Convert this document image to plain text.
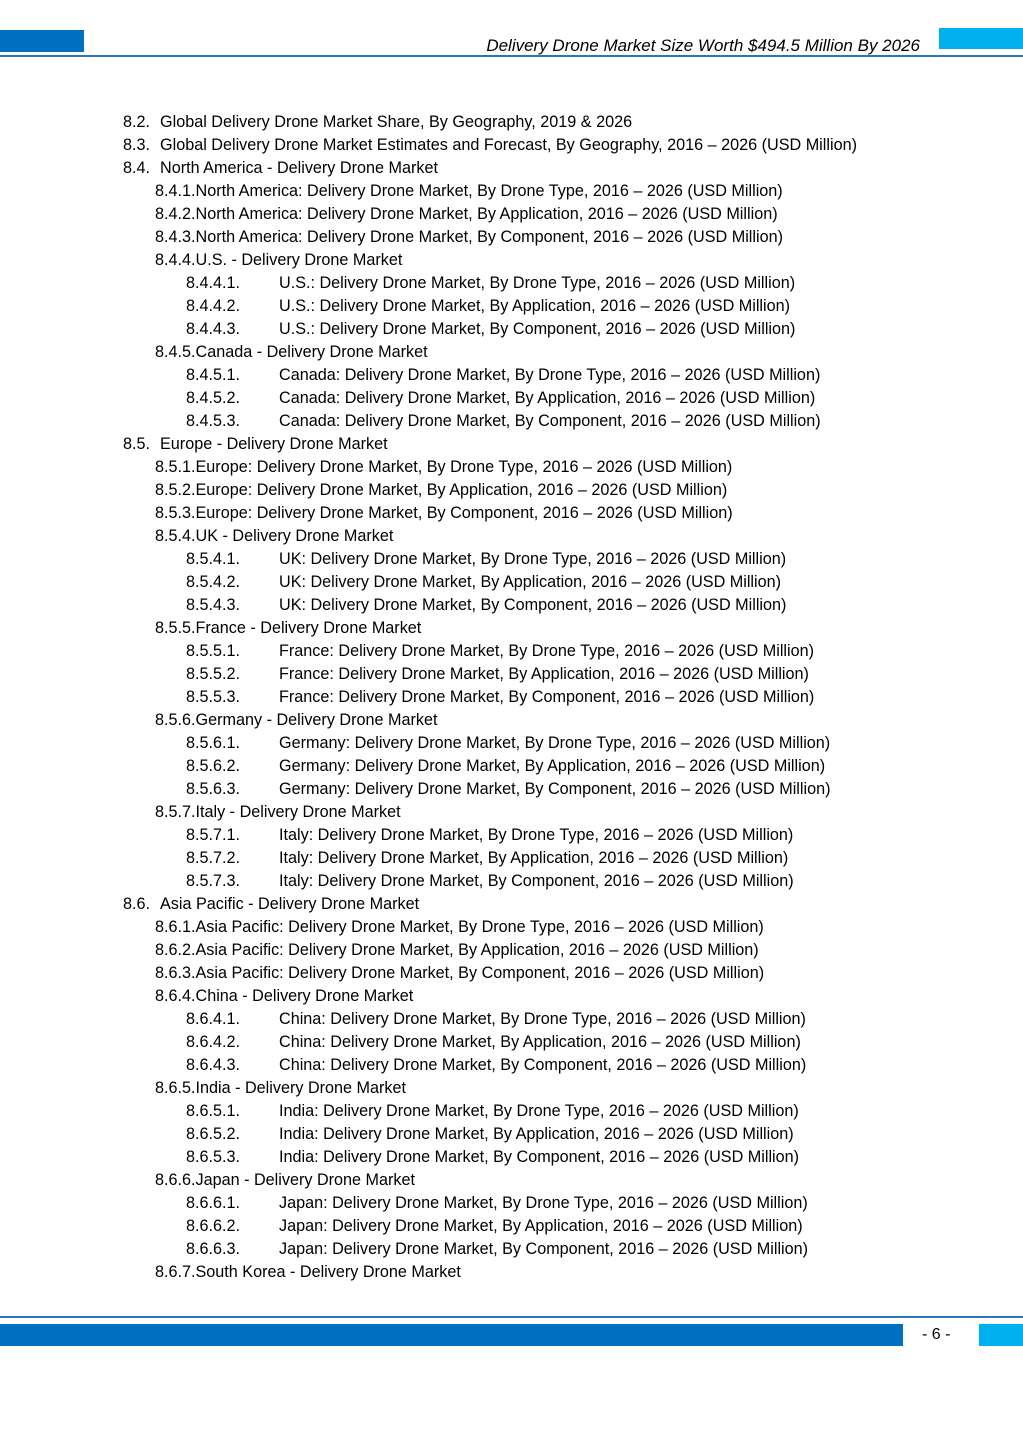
Delivery Drone Market Size Worth $494.5 Million By 2026
8.2. Global Delivery Drone Market Share, By Geography, 2019 & 2026
8.3. Global Delivery Drone Market Estimates and Forecast, By Geography, 2016 – 2026 (USD Million)
8.4. North America - Delivery Drone Market
8.4.1.North America: Delivery Drone Market, By Drone Type, 2016 – 2026 (USD Million)
8.4.2.North America: Delivery Drone Market, By Application, 2016 – 2026 (USD Million)
8.4.3.North America: Delivery Drone Market, By Component, 2016 – 2026 (USD Million)
8.4.4.U.S. - Delivery Drone Market
8.4.4.1. U.S.: Delivery Drone Market, By Drone Type, 2016 – 2026 (USD Million)
8.4.4.2. U.S.: Delivery Drone Market, By Application, 2016 – 2026 (USD Million)
8.4.4.3. U.S.: Delivery Drone Market, By Component, 2016 – 2026 (USD Million)
8.4.5.Canada - Delivery Drone Market
8.4.5.1. Canada: Delivery Drone Market, By Drone Type, 2016 – 2026 (USD Million)
8.4.5.2. Canada: Delivery Drone Market, By Application, 2016 – 2026 (USD Million)
8.4.5.3. Canada: Delivery Drone Market, By Component, 2016 – 2026 (USD Million)
8.5. Europe - Delivery Drone Market
8.5.1.Europe: Delivery Drone Market, By Drone Type, 2016 – 2026 (USD Million)
8.5.2.Europe: Delivery Drone Market, By Application, 2016 – 2026 (USD Million)
8.5.3.Europe: Delivery Drone Market, By Component, 2016 – 2026 (USD Million)
8.5.4.UK - Delivery Drone Market
8.5.4.1. UK: Delivery Drone Market, By Drone Type, 2016 – 2026 (USD Million)
8.5.4.2. UK: Delivery Drone Market, By Application, 2016 – 2026 (USD Million)
8.5.4.3. UK: Delivery Drone Market, By Component, 2016 – 2026 (USD Million)
8.5.5.France - Delivery Drone Market
8.5.5.1. France: Delivery Drone Market, By Drone Type, 2016 – 2026 (USD Million)
8.5.5.2. France: Delivery Drone Market, By Application, 2016 – 2026 (USD Million)
8.5.5.3. France: Delivery Drone Market, By Component, 2016 – 2026 (USD Million)
8.5.6.Germany - Delivery Drone Market
8.5.6.1. Germany: Delivery Drone Market, By Drone Type, 2016 – 2026 (USD Million)
8.5.6.2. Germany: Delivery Drone Market, By Application, 2016 – 2026 (USD Million)
8.5.6.3. Germany: Delivery Drone Market, By Component, 2016 – 2026 (USD Million)
8.5.7.Italy - Delivery Drone Market
8.5.7.1. Italy: Delivery Drone Market, By Drone Type, 2016 – 2026 (USD Million)
8.5.7.2. Italy: Delivery Drone Market, By Application, 2016 – 2026 (USD Million)
8.5.7.3. Italy: Delivery Drone Market, By Component, 2016 – 2026 (USD Million)
8.6. Asia Pacific - Delivery Drone Market
8.6.1.Asia Pacific: Delivery Drone Market, By Drone Type, 2016 – 2026 (USD Million)
8.6.2.Asia Pacific: Delivery Drone Market, By Application, 2016 – 2026 (USD Million)
8.6.3.Asia Pacific: Delivery Drone Market, By Component, 2016 – 2026 (USD Million)
8.6.4.China - Delivery Drone Market
8.6.4.1. China: Delivery Drone Market, By Drone Type, 2016 – 2026 (USD Million)
8.6.4.2. China: Delivery Drone Market, By Application, 2016 – 2026 (USD Million)
8.6.4.3. China: Delivery Drone Market, By Component, 2016 – 2026 (USD Million)
8.6.5.India - Delivery Drone Market
8.6.5.1. India: Delivery Drone Market, By Drone Type, 2016 – 2026 (USD Million)
8.6.5.2. India: Delivery Drone Market, By Application, 2016 – 2026 (USD Million)
8.6.5.3. India: Delivery Drone Market, By Component, 2016 – 2026 (USD Million)
8.6.6.Japan - Delivery Drone Market
8.6.6.1. Japan: Delivery Drone Market, By Drone Type, 2016 – 2026 (USD Million)
8.6.6.2. Japan: Delivery Drone Market, By Application, 2016 – 2026 (USD Million)
8.6.6.3. Japan: Delivery Drone Market, By Component, 2016 – 2026 (USD Million)
8.6.7.South Korea - Delivery Drone Market
- 6 -
